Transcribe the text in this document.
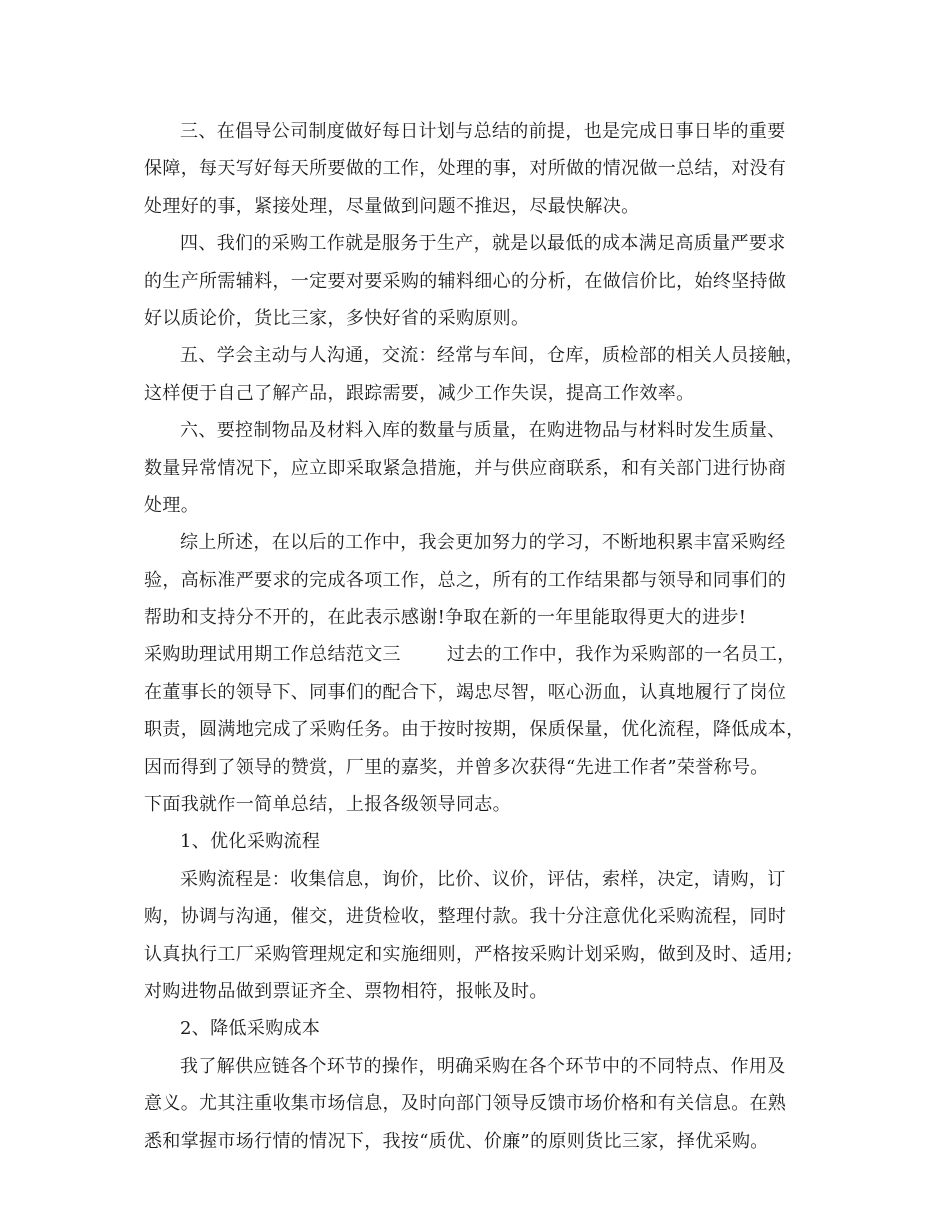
三、在倡导公司制度做好每日计划与总结的前提，也是完成日事日毕的重要
保障，每天写好每天所要做的工作，处理的事，对所做的情况做一总结，对没有
处理好的事，紧接处理，尽量做到问题不推迟，尽最快解决。
四、我们的采购工作就是服务于生产，就是以最低的成本满足高质量严要求
的生产所需辅料，一定要对要采购的辅料细心的分析，在做信价比，始终坚持做
好以质论价，货比三家，多快好省的采购原则。
五、学会主动与人沟通，交流：经常与车间，仓库，质检部的相关人员接触，
这样便于自己了解产品，跟踪需要，减少工作失误，提高工作效率。
六、要控制物品及材料入库的数量与质量，在购进物品与材料时发生质量、
数量异常情况下，应立即采取紧急措施，并与供应商联系，和有关部门进行协商
处理。
综上所述，在以后的工作中，我会更加努力的学习，不断地积累丰富采购经
验，高标准严要求的完成各项工作，总之，所有的工作结果都与领导和同事们的
帮助和支持分不开的，在此表示感谢!争取在新的一年里能取得更大的进步!
采购助理试用期工作总结范文三	过去的工作中，我作为采购部的一名员工，
在董事长的领导下、同事们的配合下，竭忠尽智，呕心沥血，认真地履行了岗位
职责，圆满地完成了采购任务。由于按时按期，保质保量，优化流程，降低成本，
因而得到了领导的赞赏，厂里的嘉奖，并曾多次获得“先进工作者”荣誉称号。
下面我就作一简单总结，上报各级领导同志。
1、优化采购流程
采购流程是：收集信息，询价，比价、议价，评估，索样，决定，请购，订
购，协调与沟通，催交，进货检收，整理付款。我十分注意优化采购流程，同时
认真执行工厂采购管理规定和实施细则，严格按采购计划采购，做到及时、适用;
对购进物品做到票证齐全、票物相符，报帐及时。
2、降低采购成本
我了解供应链各个环节的操作，明确采购在各个环节中的不同特点、作用及
意义。尤其注重收集市场信息，及时向部门领导反馈市场价格和有关信息。在熟
悉和掌握市场行情的情况下，我按“质优、价廉”的原则货比三家，择优采购。
